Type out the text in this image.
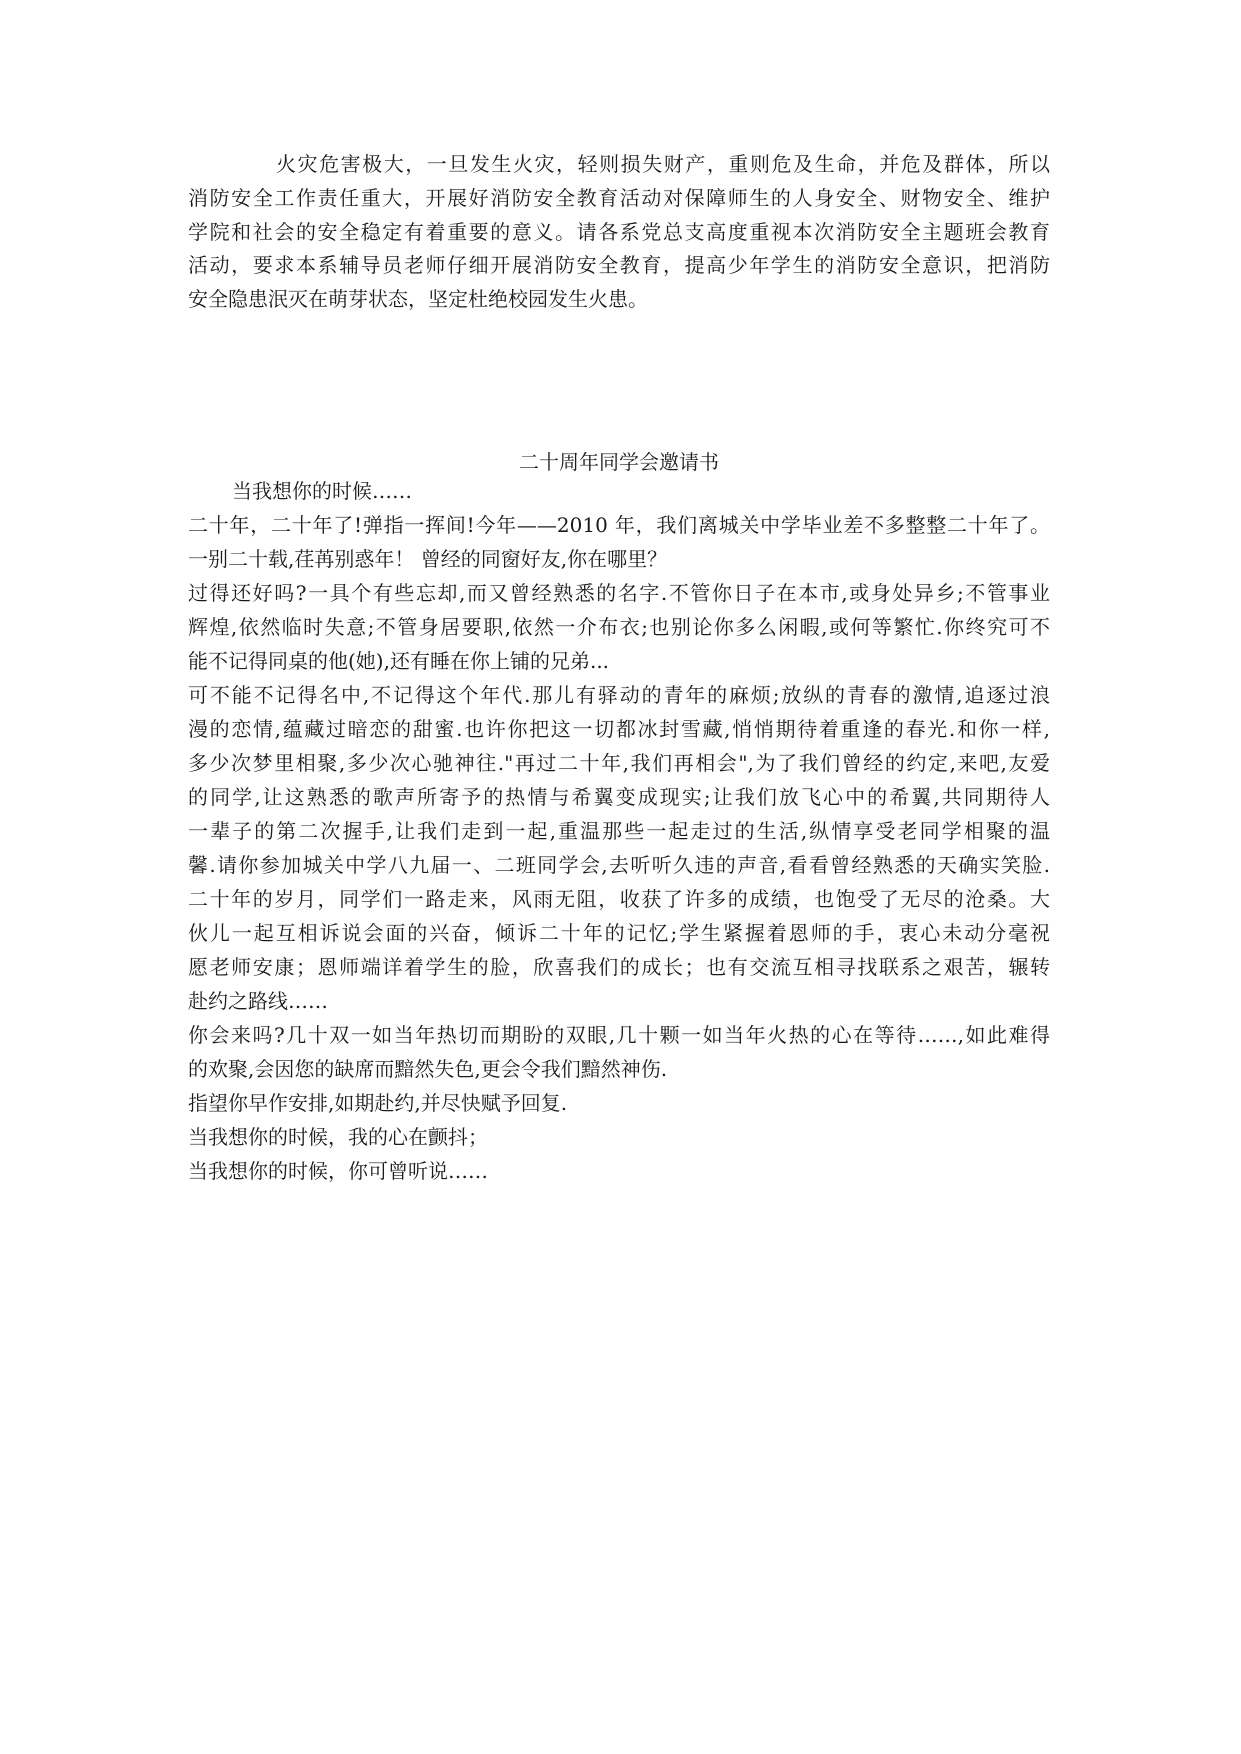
火灾危害极大，一旦发生火灾，轻则损失财产，重则危及生命，并危及群体，所以
消防安全工作责任重大，开展好消防安全教育活动对保障师生的人身安全、财物安全、维护
学院和社会的安全稳定有着重要的意义。请各系党总支高度重视本次消防安全主题班会教育
活动，要求本系辅导员老师仔细开展消防安全教育，提高少年学生的消防安全意识，把消防
安全隐患泯灭在萌芽状态，坚定杜绝校园发生火患。
二十周年同学会邀请书
当我想你的时候……
二十年，二十年了!弹指一挥间!今年——2010 年，我们离城关中学毕业差不多整整二十年了。
一别二十载,荏苒别惑年！ 曾经的同窗好友,你在哪里？
过得还好吗?一具个有些忘却,而又曾经熟悉的名字.不管你日子在本市,或身处异乡;不管事业
辉煌,依然临时失意;不管身居要职,依然一介布衣;也别论你多么闲暇,或何等繁忙.你终究可不
能不记得同桌的他(她),还有睡在你上铺的兄弟...
可不能不记得名中,不记得这个年代.那儿有驿动的青年的麻烦;放纵的青春的激情,追逐过浪
漫的恋情,蕴藏过暗恋的甜蜜.也许你把这一切都冰封雪藏,悄悄期待着重逢的春光.和你一样,
多少次梦里相聚,多少次心驰神往."再过二十年,我们再相会",为了我们曾经的约定,来吧,友爱
的同学,让这熟悉的歌声所寄予的热情与希翼变成现实;让我们放飞心中的希翼,共同期待人
一辈子的第二次握手,让我们走到一起,重温那些一起走过的生活,纵情享受老同学相聚的温
馨.请你参加城关中学八九届一、二班同学会,去听听久违的声音,看看曾经熟悉的天确实笑脸.
二十年的岁月，同学们一路走来，风雨无阻，收获了许多的成绩，也饱受了无尽的沧桑。大
伙儿一起互相诉说会面的兴奋，倾诉二十年的记忆;学生紧握着恩师的手，衷心未动分毫祝
愿老师安康；恩师端详着学生的脸，欣喜我们的成长；也有交流互相寻找联系之艰苦，辗转
赴约之路线……
你会来吗?几十双一如当年热切而期盼的双眼,几十颗一如当年火热的心在等待……,如此难得
的欢聚,会因您的缺席而黯然失色,更会令我们黯然神伤.
指望你早作安排,如期赴约,并尽快赋予回复.
当我想你的时候，我的心在颤抖；
当我想你的时候，你可曾听说……
